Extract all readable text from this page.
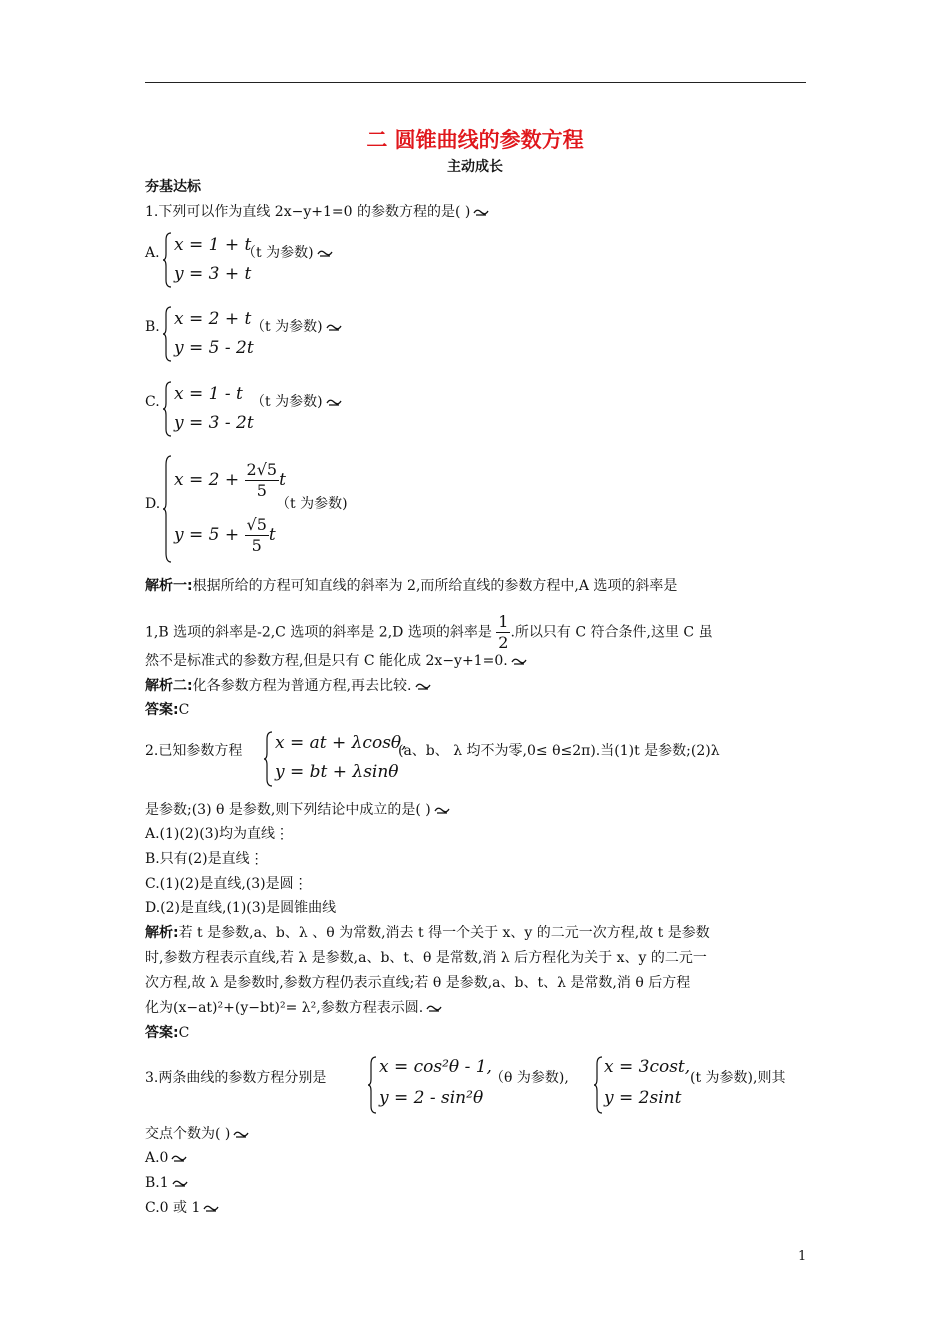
二 圆锥曲线的参数方程
主动成长
夯基达标
1.下列可以作为直线 2x−y+1=0 的参数方程的是( )
A. x = 1 + t
y = 3 + t
（t 为参数)
B. x = 2 + t
y = 5 - 2t
（t 为参数)
C. x = 1 - t
y = 3 - 2t
（t 为参数)
D.
$x = 2 + \frac{2√5}{5}$ t
$y = 5 + \frac{√5}{5}$ t
（t 为参数)
解析一:根据所给的方程可知直线的斜率为 2,而所给直线的参数方程中,A 选项的斜率是
1,B 选项的斜率是-2,C 选项的斜率是 2,D 选项的斜率是 $\frac{1}{2}$ .所以只有 C 符合条件,这里 C 虽
然不是标准式的参数方程,但是只有 C 能化成 2x−y+1=0.
解析二:化各参数方程为普通方程,再去比较.
答案:C
2.已知参数方程 x = at + λcosθ,
y = bt + λsinθ
(a、b、 λ 均不为零,0≤ θ≤2π).当(1)t 是参数;(2)λ
是参数;(3) θ 是参数,则下列结论中成立的是( )
A.(1)(2)(3)均为直线⋮
B.只有(2)是直线⋮
C.(1)(2)是直线,(3)是圆⋮
D.(2)是直线,(1)(3)是圆锥曲线
解析:若 t 是参数,a、b、λ 、θ 为常数,消去 t 得一个关于 x、y 的二元一次方程,故 t 是参数
时,参数方程表示直线,若 λ 是参数,a、b、t、θ 是常数,消 λ 后方程化为关于 x、y 的二元一
次方程,故 λ 是参数时,参数方程仍表示直线;若 θ 是参数,a、b、t、λ 是常数,消 θ 后方程
化为(x−at)²+(y−bt)²= λ²,参数方程表示圆.
答案:C
3.两条曲线的参数方程分别是
x = cos²θ - 1,
y = 2 - sin²θ
（θ 为参数),
x = 3cost,
y = 2sint
(t 为参数),则其
交点个数为( )
A.0
B.1
C.0 或 1
1
